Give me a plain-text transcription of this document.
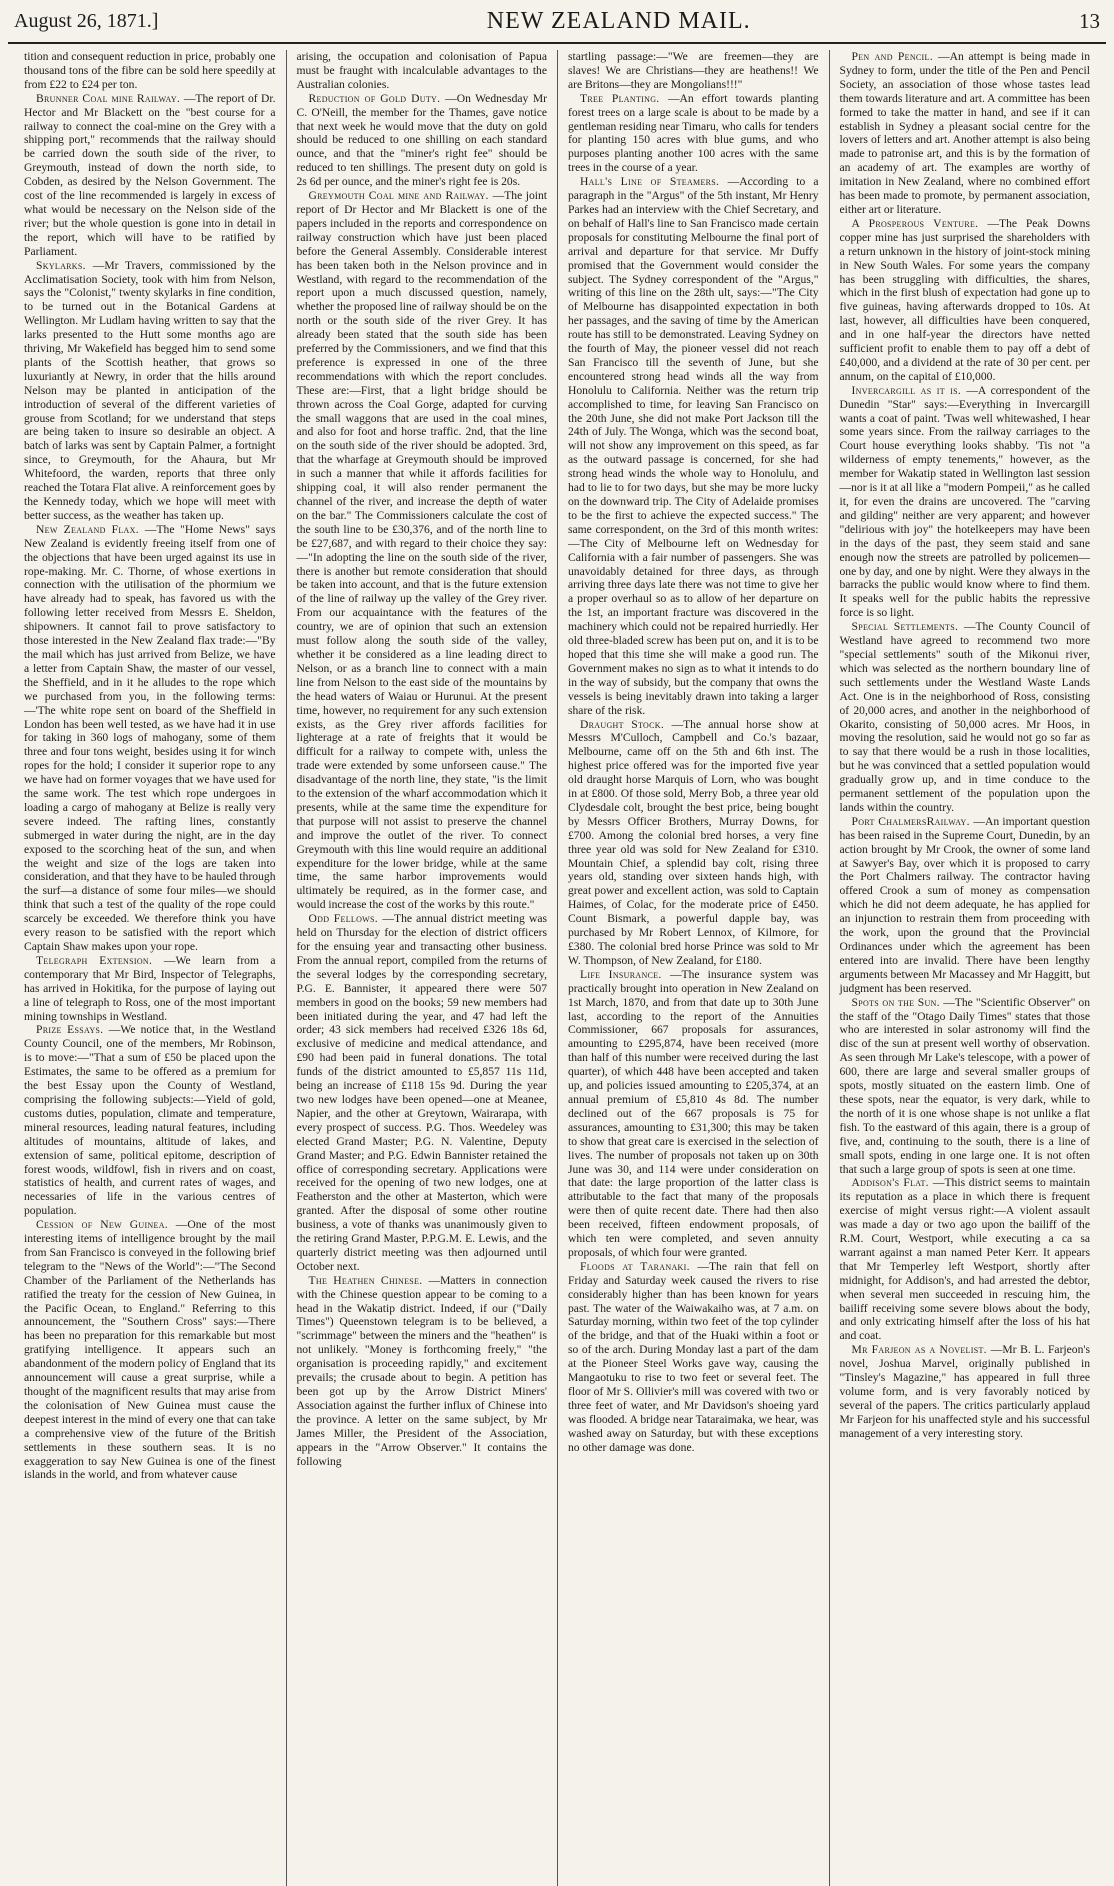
August 26, 1871.]	NEW ZEALAND MAIL.	13

tition and consequent reduction in price, probably one thousand tons of the fibre can be sold here speedily at from £22 to £24 per ton.

Brunner Coal mine Railway. —The report of Dr. Hector and Mr Blackett on the "best course for a railway to connect the coal-mine on the Grey with a shipping port," recommends that the railway should be carried down the south side of the river, to Greymouth, instead of down the north side, to Cobden, as desired by the Nelson Government. The cost of the line recommended is largely in excess of what would be necessary on the Nelson side of the river; but the whole question is gone into in detail in the report, which will have to be ratified by Parliament.

Skylarks. —Mr Travers, commissioned by the Acclimatisation Society, took with him from Nelson, says the "Colonist," twenty skylarks in fine condition, to be turned out in the Botanical Gardens at Wellington. Mr Ludlam having written to say that the larks presented to the Hutt some months ago are thriving, Mr Wakefield has begged him to send some plants of the Scottish heather, that grows so luxuriantly at Newry, in order that the hills around Nelson may be planted in anticipation of the introduction of several of the different varieties of grouse from Scotland; for we understand that steps are being taken to insure so desirable an object. A batch of larks was sent by Captain Palmer, a fortnight since, to Greymouth, for the Ahaura, but Mr Whitefoord, the warden, reports that three only reached the Totara Flat alive. A reinforcement goes by the Kennedy today, which we hope will meet with better success, as the weather has taken up.

New Zealand Flax. —The "Home News" says New Zealand is evidently freeing itself from one of the objections that have been urged against its use in rope-making. Mr. C. Thorne, of whose exertions in connection with the utilisation of the phormium we have already had to speak, has favored us with the following letter received from Messrs E. Sheldon, shipowners. It cannot fail to prove satisfactory to those interested in the New Zealand flax trade:—"By the mail which has just arrived from Belize, we have a letter from Captain Shaw, the master of our vessel, the Sheffield, and in it he alludes to the rope which we purchased from you, in the following terms:—'The white rope sent on board of the Sheffield in London has been well tested, as we have had it in use for taking in 360 logs of mahogany, some of them three and four tons weight, besides using it for winch ropes for the hold; I consider it superior rope to any we have had on former voyages that we have used for the same work. The test which rope undergoes in loading a cargo of mahogany at Belize is really very severe indeed. The rafting lines, constantly submerged in water during the night, are in the day exposed to the scorching heat of the sun, and when the weight and size of the logs are taken into consideration, and that they have to be hauled through the surf—a distance of some four miles—we should think that such a test of the quality of the rope could scarcely be exceeded. We therefore think you have every reason to be satisfied with the report which Captain Shaw makes upon your rope.

Telegraph Extension. —We learn from a contemporary that Mr Bird, Inspector of Telegraphs, has arrived in Hokitika, for the purpose of laying out a line of telegraph to Ross, one of the most important mining townships in Westland.

Prize Essays. —We notice that, in the Westland County Council, one of the members, Mr Robinson, is to move:—"That a sum of £50 be placed upon the Estimates, the same to be offered as a premium for the best Essay upon the County of Westland, comprising the following subjects:—Yield of gold, customs duties, population, climate and temperature, mineral resources, leading natural features, including altitudes of mountains, altitude of lakes, and extension of same, political epitome, description of forest woods, wildfowl, fish in rivers and on coast, statistics of health, and current rates of wages, and necessaries of life in the various centres of population.

Cession of New Guinea. —One of the most interesting items of intelligence brought by the mail from San Francisco is conveyed in the following brief telegram to the "News of the World":—"The Second Chamber of the Parliament of the Netherlands has ratified the treaty for the cession of New Guinea, in the Pacific Ocean, to England." Referring to this announcement, the "Southern Cross" says:—There has been no preparation for this remarkable but most gratifying intelligence. It appears such an abandonment of the modern policy of England that its announcement will cause a great surprise, while a thought of the magnificent results that may arise from the colonisation of New Guinea must cause the deepest interest in the mind of every one that can take a comprehensive view of the future of the British settlements in these southern seas. It is no exaggeration to say New Guinea is one of the finest islands in the world, and from whatever cause

arising, the occupation and colonisation of Papua must be fraught with incalculable advantages to the Australian colonies.

Reduction of Gold Duty. —On Wednesday Mr C. O'Neill, the member for the Thames, gave notice that next week he would move that the duty on gold should be reduced to one shilling on each standard ounce, and that the "miner's right fee" should be reduced to ten shillings. The present duty on gold is 2s 6d per ounce, and the miner's right fee is 20s.

Greymouth Coal mine and Railway. —The joint report of Dr Hector and Mr Blackett is one of the papers included in the reports and correspondence on railway construction which have just been placed before the General Assembly. Considerable interest has been taken both in the Nelson province and in Westland, with regard to the recommendation of the report upon a much discussed question, namely, whether the proposed line of railway should be on the north or the south side of the river Grey. It has already been stated that the south side has been preferred by the Commissioners, and we find that this preference is expressed in one of the three recommendations with which the report concludes. These are:—First, that a light bridge should be thrown across the Coal Gorge, adapted for curving the small waggons that are used in the coal mines, and also for foot and horse traffic. 2nd, that the line on the south side of the river should be adopted. 3rd, that the wharfage at Greymouth should be improved in such a manner that while it affords facilities for shipping coal, it will also render permanent the channel of the river, and increase the depth of water on the bar." The Commissioners calculate the cost of the south line to be £30,376, and of the north line to be £27,687, and with regard to their choice they say:—"In adopting the line on the south side of the river, there is another but remote consideration that should be taken into account, and that is the future extension of the line of railway up the valley of the Grey river. From our acquaintance with the features of the country, we are of opinion that such an extension must follow along the south side of the valley, whether it be considered as a line leading direct to Nelson, or as a branch line to connect with a main line from Nelson to the east side of the mountains by the head waters of Waiau or Hurunui. At the present time, however, no requirement for any such extension exists, as the Grey river affords facilities for lighterage at a rate of freights that it would be difficult for a railway to compete with, unless the trade were extended by some unforseen cause." The disadvantage of the north line, they state, "is the limit to the extension of the wharf accommodation which it presents, while at the same time the expenditure for that purpose will not assist to preserve the channel and improve the outlet of the river. To connect Greymouth with this line would require an additional expenditure for the lower bridge, while at the same time, the same harbor improvements would ultimately be required, as in the former case, and would increase the cost of the works by this route."

Odd Fellows. —The annual district meeting was held on Thursday for the election of district officers for the ensuing year and transacting other business. From the annual report, compiled from the returns of the several lodges by the corresponding secretary, P.G. E. Bannister, it appeared there were 507 members in good on the books; 59 new members had been initiated during the year, and 47 had left the order; 43 sick members had received £326 18s 6d, exclusive of medicine and medical attendance, and £90 had been paid in funeral donations. The total funds of the district amounted to £5,857 11s 11d, being an increase of £118 15s 9d. During the year two new lodges have been opened—one at Meanee, Napier, and the other at Greytown, Wairarapa, with every prospect of success. P.G. Thos. Weedeley was elected Grand Master; P.G. N. Valentine, Deputy Grand Master; and P.G. Edwin Bannister retained the office of corresponding secretary. Applications were received for the opening of two new lodges, one at Featherston and the other at Masterton, which were granted. After the disposal of some other routine business, a vote of thanks was unanimously given to the retiring Grand Master, P.P.G.M. E. Lewis, and the quarterly district meeting was then adjourned until October next.

The Heathen Chinese. —Matters in connection with the Chinese question appear to be coming to a head in the Wakatip district. Indeed, if our ("Daily Times") Queenstown telegram is to be believed, a "scrimmage" between the miners and the "heathen" is not unlikely. "Money is forthcoming freely," "the organisation is proceeding rapidly," and excitement prevails; the crusade about to begin. A petition has been got up by the Arrow District Miners' Association against the further influx of Chinese into the province. A letter on the same subject, by Mr James Miller, the President of the Association, appears in the "Arrow Observer." It contains the following

startling passage:—"We are freemen—they are slaves! We are Christians—they are heathens!! We are Britons—they are Mongolians!!!"

Tree Planting. —An effort towards planting forest trees on a large scale is about to be made by a gentleman residing near Timaru, who calls for tenders for planting 150 acres with blue gums, and who purposes planting another 100 acres with the same trees in the course of a year.

Hall's Line of Steamers. —According to a paragraph in the "Argus" of the 5th instant, Mr Henry Parkes had an interview with the Chief Secretary, and on behalf of Hall's line to San Francisco made certain proposals for constituting Melbourne the final port of arrival and departure for that service. Mr Duffy promised that the Government would consider the subject. The Sydney correspondent of the "Argus," writing of this line on the 28th ult, says:—"The City of Melbourne has disappointed expectation in both her passages, and the saving of time by the American route has still to be demonstrated. Leaving Sydney on the fourth of May, the pioneer vessel did not reach San Francisco till the seventh of June, but she encountered strong head winds all the way from Honolulu to California. Neither was the return trip accomplished to time, for leaving San Francisco on the 20th June, she did not make Port Jackson till the 24th of July. The Wonga, which was the second boat, will not show any improvement on this speed, as far as the outward passage is concerned, for she had strong head winds the whole way to Honolulu, and had to lie to for two days, but she may be more lucky on the downward trip. The City of Adelaide promises to be the first to achieve the expected success." The same correspondent, on the 3rd of this month writes:—The City of Melbourne left on Wednesday for California with a fair number of passengers. She was unavoidably detained for three days, as through arriving three days late there was not time to give her a proper overhaul so as to allow of her departure on the 1st, an important fracture was discovered in the machinery which could not be repaired hurriedly. Her old three-bladed screw has been put on, and it is to be hoped that this time she will make a good run. The Government makes no sign as to what it intends to do in the way of subsidy, but the company that owns the vessels is being inevitably drawn into taking a larger share of the risk.

Draught Stock. —The annual horse show at Messrs M'Culloch, Campbell and Co.'s bazaar, Melbourne, came off on the 5th and 6th inst. The highest price offered was for the imported five year old draught horse Marquis of Lorn, who was bought in at £800. Of those sold, Merry Bob, a three year old Clydesdale colt, brought the best price, being bought by Messrs Officer Brothers, Murray Downs, for £700. Among the colonial bred horses, a very fine three year old was sold for New Zealand for £310. Mountain Chief, a splendid bay colt, rising three years old, standing over sixteen hands high, with great power and excellent action, was sold to Captain Haimes, of Colac, for the moderate price of £450. Count Bismark, a powerful dapple bay, was purchased by Mr Robert Lennox, of Kilmore, for £380. The colonial bred horse Prince was sold to Mr W. Thompson, of New Zealand, for £180.

Life Insurance. —The insurance system was practically brought into operation in New Zealand on 1st March, 1870, and from that date up to 30th June last, according to the report of the Annuities Commissioner, 667 proposals for assurances, amounting to £295,874, have been received (more than half of this number were received during the last quarter), of which 448 have been accepted and taken up, and policies issued amounting to £205,374, at an annual premium of £5,810 4s 8d. The number declined out of the 667 proposals is 75 for assurances, amounting to £31,300; this may be taken to show that great care is exercised in the selection of lives. The number of proposals not taken up on 30th June was 30, and 114 were under consideration on that date: the large proportion of the latter class is attributable to the fact that many of the proposals were then of quite recent date. There had then also been received, fifteen endowment proposals, of which ten were completed, and seven annuity proposals, of which four were granted.

Floods at Taranaki. —The rain that fell on Friday and Saturday week caused the rivers to rise considerably higher than has been known for years past. The water of the Waiwakaiho was, at 7 a.m. on Saturday morning, within two feet of the top cylinder of the bridge, and that of the Huaki within a foot or so of the arch. During Monday last a part of the dam at the Pioneer Steel Works gave way, causing the Mangaotuku to rise to two feet or several feet. The floor of Mr S. Ollivier's mill was covered with two or three feet of water, and Mr Davidson's shoeing yard was flooded. A bridge near Tataraimaka, we hear, was washed away on Saturday, but with these exceptions no other damage was done.

Pen and Pencil. —An attempt is being made in Sydney to form, under the title of the Pen and Pencil Society, an association of those whose tastes lead them towards literature and art. A committee has been formed to take the matter in hand, and see if it can establish in Sydney a pleasant social centre for the lovers of letters and art. Another attempt is also being made to patronise art, and this is by the formation of an academy of art. The examples are worthy of imitation in New Zealand, where no combined effort has been made to promote, by permanent association, either art or literature.

A Prosperous Venture. —The Peak Downs copper mine has just surprised the shareholders with a return unknown in the history of joint-stock mining in New South Wales. For some years the company has been struggling with difficulties, the shares, which in the first blush of expectation had gone up to five guineas, having afterwards dropped to 10s. At last, however, all difficulties have been conquered, and in one half-year the directors have netted sufficient profit to enable them to pay off a debt of £40,000, and a dividend at the rate of 30 per cent. per annum, on the capital of £10,000.

Invercargill as it is. —A correspondent of the Dunedin "Star" says:—Everything in Invercargill wants a coat of paint. 'Twas well whitewashed, I hear some years since. From the railway carriages to the Court house everything looks shabby. 'Tis not "a wilderness of empty tenements," however, as the member for Wakatip stated in Wellington last session—nor is it at all like a "modern Pompeii," as he called it, for even the drains are uncovered. The "carving and gilding" neither are very apparent; and however "delirious with joy" the hotelkeepers may have been in the days of the past, they seem staid and sane enough now the streets are patrolled by policemen—one by day, and one by night. Were they always in the barracks the public would know where to find them. It speaks well for the public habits the repressive force is so light.

Special Settlements. —The County Council of Westland have agreed to recommend two more "special settlements" south of the Mikonui river, which was selected as the northern boundary line of such settlements under the Westland Waste Lands Act. One is in the neighborhood of Ross, consisting of 20,000 acres, and another in the neighborhood of Okarito, consisting of 50,000 acres. Mr Hoos, in moving the resolution, said he would not go so far as to say that there would be a rush in those localities, but he was convinced that a settled population would gradually grow up, and in time conduce to the permanent settlement of the population upon the lands within the country.

Port ChalmersRailway. —An important question has been raised in the Supreme Court, Dunedin, by an action brought by Mr Crook, the owner of some land at Sawyer's Bay, over which it is proposed to carry the Port Chalmers railway. The contractor having offered Crook a sum of money as compensation which he did not deem adequate, he has applied for an injunction to restrain them from proceeding with the work, upon the ground that the Provincial Ordinances under which the agreement has been entered into are invalid. There have been lengthy arguments between Mr Macassey and Mr Haggitt, but judgment has been reserved.

Spots on the Sun. —The "Scientific Observer" on the staff of the "Otago Daily Times" states that those who are interested in solar astronomy will find the disc of the sun at present well worthy of observation. As seen through Mr Lake's telescope, with a power of 600, there are large and several smaller groups of spots, mostly situated on the eastern limb. One of these spots, near the equator, is very dark, while to the north of it is one whose shape is not unlike a flat fish. To the eastward of this again, there is a group of five, and, continuing to the south, there is a line of small spots, ending in one large one. It is not often that such a large group of spots is seen at one time.

Addison's Flat. —This district seems to maintain its reputation as a place in which there is frequent exercise of might versus right:—A violent assault was made a day or two ago upon the bailiff of the R.M. Court, Westport, while executing a ca sa warrant against a man named Peter Kerr. It appears that Mr Temperley left Westport, shortly after midnight, for Addison's, and had arrested the debtor, when several men succeeded in rescuing him, the bailiff receiving some severe blows about the body, and only extricating himself after the loss of his hat and coat.

Mr Farjeon as a Novelist. —Mr B. L. Farjeon's novel, Joshua Marvel, originally published in "Tinsley's Magazine," has appeared in full three volume form, and is very favorably noticed by several of the papers. The critics particularly applaud Mr Farjeon for his unaffected style and his successful management of a very interesting story.
